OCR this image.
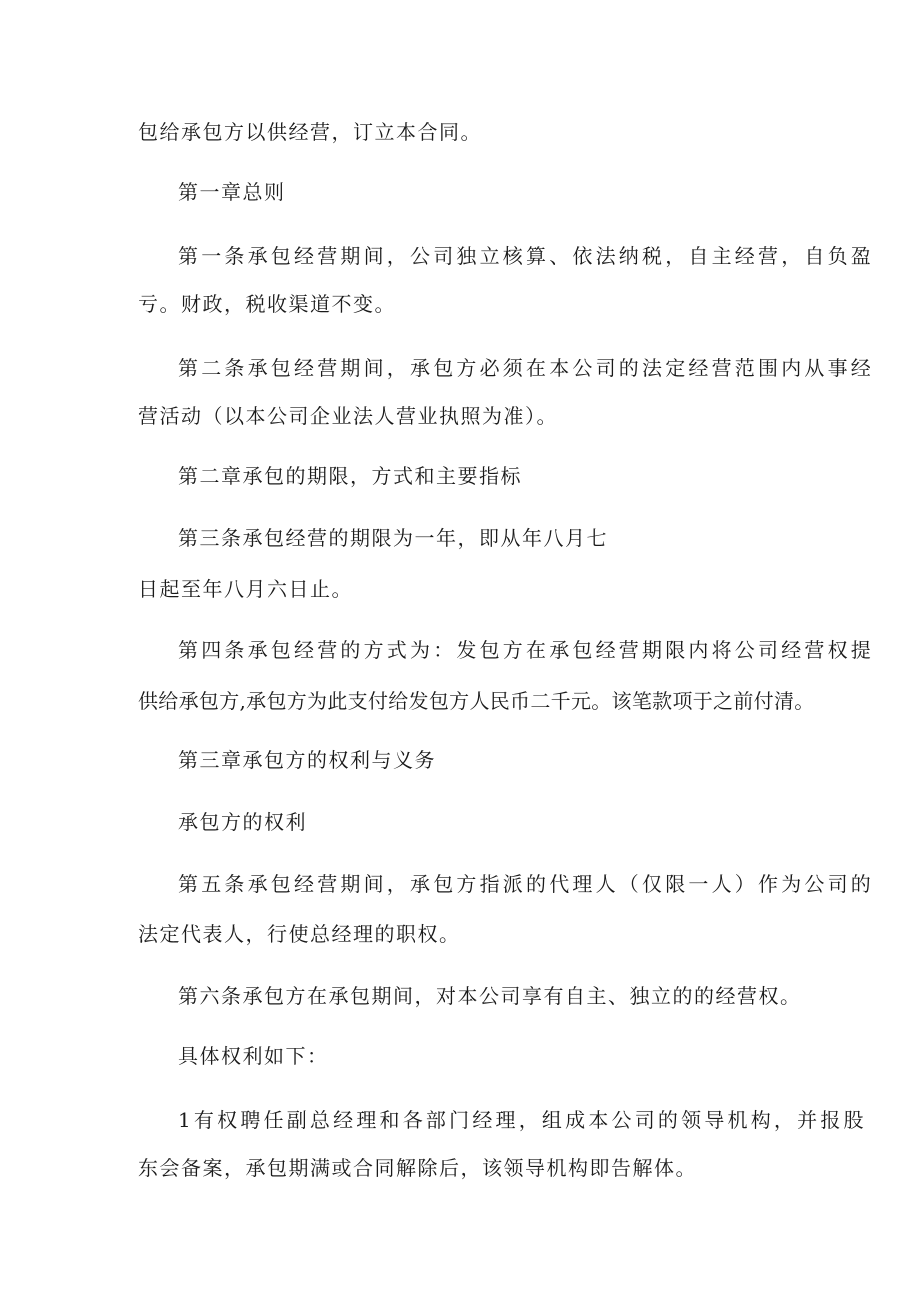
包给承包方以供经营，订立本合同。
第一章总则
第一条承包经营期间，公司独立核算、依法纳税，自主经营，自负盈
亏。财政，税收渠道不变。
第二条承包经营期间，承包方必须在本公司的法定经营范围内从事经
营活动（以本公司企业法人营业执照为准）。
第二章承包的期限，方式和主要指标
第三条承包经营的期限为一年，即从年八月七
日起至年八月六日止。
第四条承包经营的方式为：发包方在承包经营期限内将公司经营权提
供给承包方,承包方为此支付给发包方人民币二千元。该笔款项于之前付清。
第三章承包方的权利与义务
承包方的权利
第五条承包经营期间，承包方指派的代理人（仅限一人）作为公司的
法定代表人，行使总经理的职权。
第六条承包方在承包期间，对本公司享有自主、独立的的经营权。
具体权利如下：
1有权聘任副总经理和各部门经理，组成本公司的领导机构，并报股
东会备案，承包期满或合同解除后，该领导机构即告解体。
